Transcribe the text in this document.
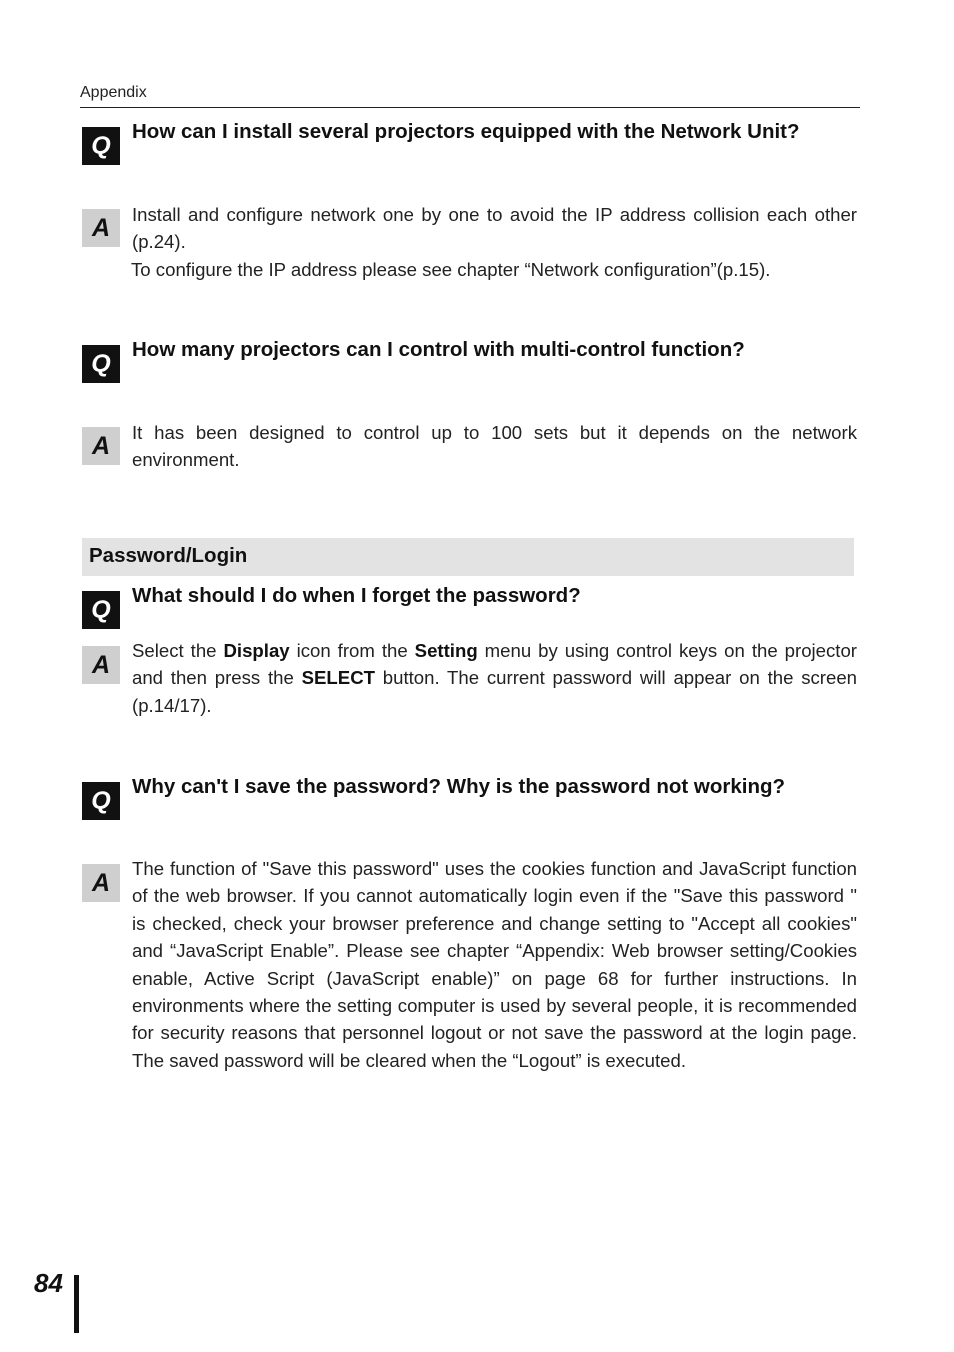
Appendix
Q	How can I install several projectors equipped with the Network Unit?
A	Install and configure network one by one to avoid the IP address collision each other (p.24).
To configure the IP address please see chapter “Network configuration”(p.15).
Q	How many projectors can I control with multi-control function?
A	It has been designed to control up to 100 sets but it depends on the network environment.
Password/Login
Q	What should I do when I forget the password?
A	Select the Display icon from the Setting menu by using control keys on the projector and then press the SELECT button. The current password will appear on the screen (p.14/17).
Q	Why can't I save the password? Why is the password not working?
A	The function of "Save this password" uses the cookies function and JavaScript function of the web browser. If you cannot automatically login even if the "Save this password " is checked, check your browser preference and change setting to "Accept all cookies" and “JavaScript Enable”. Please see chapter “Appendix: Web browser setting/Cookies enable, Active Script (JavaScript enable)” on page 68 for further instructions. In environments where the setting computer is used by several people, it is recommended for security reasons that personnel logout or not save the password at the login page. The saved password will be cleared when the “Logout” is executed.
84
